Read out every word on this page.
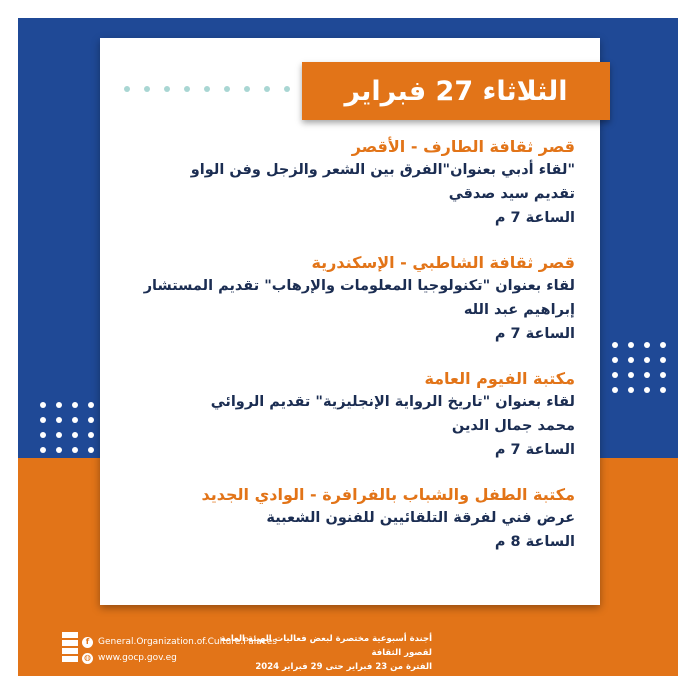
الثلاثاء 27 فبراير
قصر ثقافة الطارف - الأقصر
"لقاء أدبي بعنوان"الفرق بين الشعر والزجل وفن الواو
تقديم سيد صدقي
الساعة 7 م
قصر ثقافة الشاطبي - الإسكندرية
لقاء بعنوان "تكنولوجيا المعلومات والإرهاب" تقديم المستشار
إبراهيم عبد الله
الساعة 7 م
مكتبة الفيوم العامة
لقاء بعنوان "تاريخ الرواية الإنجليزية" تقديم الروائي
محمد جمال الدين
الساعة 7 م
مكتبة الطفل والشباب بالفرافرة - الوادي الجديد
عرض فني لفرقة التلقائيين للفنون الشعبية
الساعة 8 م
f General.Organization.of.Culture.Palaces
◍ www.gocp.gov.eg
أجندة أسبوعية مختصرة لبعض فعاليات الهيئة العامة لقصور الثقافة
الفترة من 23 فبراير حتى 29 فبراير 2024
